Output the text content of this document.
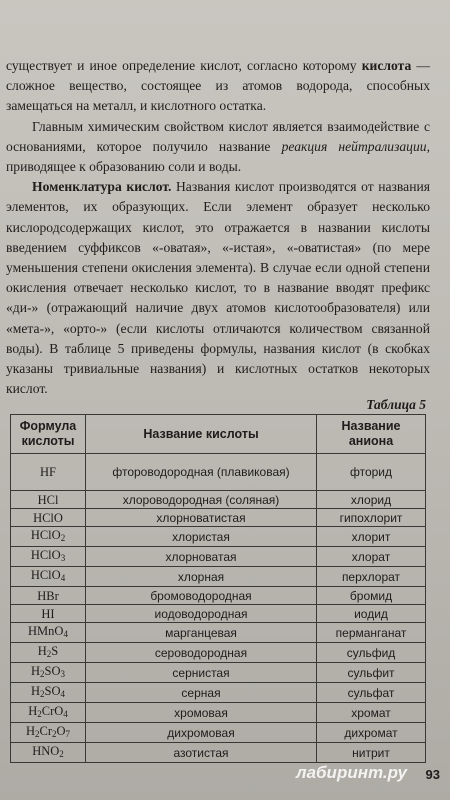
существует и иное определение кислот, согласно которому кислота — сложное вещество, состоящее из атомов водорода, способных замещаться на металл, и кислотного остатка.

Главным химическим свойством кислот является взаимодействие с основаниями, которое получило название реакция нейтрализации, приводящее к образованию соли и воды.

Номенклатура кислот. Названия кислот производятся от названия элементов, их образующих. Если элемент образует несколько кислородсодержащих кислот, это отражается в названии кислоты введением суффиксов «-оватая», «-истая», «-оватистая» (по мере уменьшения степени окисления элемента). В случае если одной степени окисления отвечает несколько кислот, то в название вводят префикс «ди-» (отражающий наличие двух атомов кислотообразователя) или «мета-», «орто-» (если кислоты отличаются количеством связанной воды). В таблице 5 приведены формулы, названия кислот (в скобках указаны тривиальные названия) и кислотных остатков некоторых кислот.

Таблица 5
Формула кислоты	Название кислоты	Название аниона
HF	фтороводородная (плавиковая)	фторид
HCl	хлороводородная (соляная)	хлорид
HClO	хлорноватистая	гипохлорит
HClO$_2$	хлористая	хлорит
HClO$_3$	хлорноватая	хлорат
HClO$_4$	хлорная	перхлорат
HBr	бромоводородная	бромид
HI	иодоводородная	иодид
HMnO$_4$	марганцевая	перманганат
$H_2S$	сероводородная	сульфид
$H_2SO_3$	сернистая	сульфит
$H_2SO_4$	серная	сульфат
$H_2CrO_4$	хромовая	хромат
$H_2Cr_2O_7$	дихромовая	дихромат
$HNO_2$	азотистая	нитрит
лабиринт.ру 93
